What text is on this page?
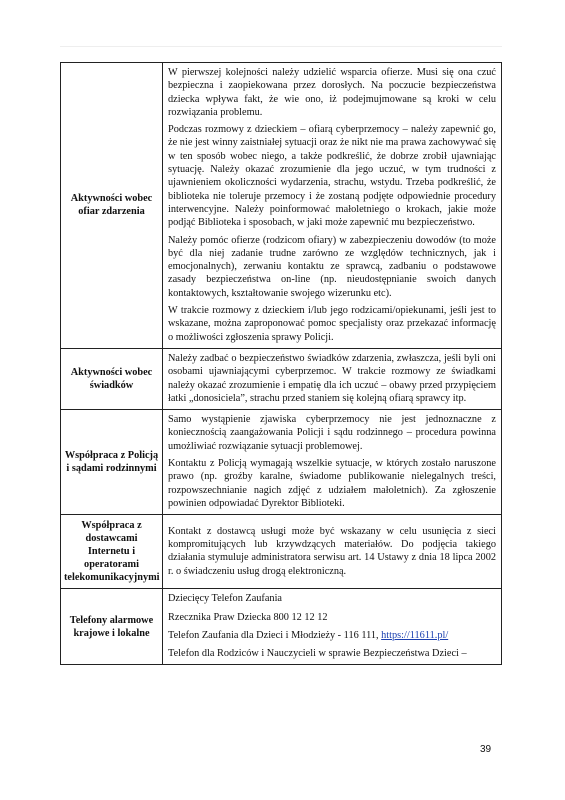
Aktywności wobec ofiar zdarzenia	W pierwszej kolejności należy udzielić wsparcia ofierze. Musi się ona czuć bezpieczna i zaopiekowana przez dorosłych. Na poczucie bezpieczeństwa dziecka wpływa fakt, że wie ono, iż podejmujmowane są kroki w celu rozwiązania problemu.

Podczas rozmowy z dzieckiem – ofiarą cyberprzemocy – należy zapewnić go, że nie jest winny zaistniałej sytuacji oraz że nikt nie ma prawa zachowywać się w ten sposób wobec niego, a także podkreślić, że dobrze zrobił ujawniając sytuację. Należy okazać zrozumienie dla jego uczuć, w tym trudności z ujawnieniem okoliczności wydarzenia, strachu, wstydu. Trzeba podkreślić, że biblioteka nie toleruje przemocy i że zostaną podjęte odpowiednie procedury interwencyjne. Należy poinformować małoletniego o krokach, jakie może podjąć Biblioteka i sposobach, w jaki może zapewnić mu bezpieczeństwo.

Należy pomóc ofierze (rodzicom ofiary) w zabezpieczeniu dowodów (to może być dla niej zadanie trudne zarówno ze względów technicznych, jak i emocjonalnych), zerwaniu kontaktu ze sprawcą, zadbaniu o podstawowe zasady bezpieczeństwa on-line (np. nieudostępnianie swoich danych kontaktowych, kształtowanie swojego wizerunku etc).

W trakcie rozmowy z dzieckiem i/lub jego rodzicami/opiekunami, jeśli jest to wskazane, można zaproponować pomoc specjalisty oraz przekazać informację o możliwości zgłoszenia sprawy Policji.

Aktywności wobec świadków	Należy zadbać o bezpieczeństwo świadków zdarzenia, zwłaszcza, jeśli byli oni osobami ujawniającymi cyberprzemoc. W trakcie rozmowy ze świadkami należy okazać zrozumienie i empatię dla ich uczuć – obawy przed przypięciem łatki „donosiciela”, strachu przed staniem się kolejną ofiarą sprawcy itp.

Współpraca z Policją i sądami rodzinnymi	Samo wystąpienie zjawiska cyberprzemocy nie jest jednoznaczne z koniecznością zaangażowania Policji i sądu rodzinnego – procedura powinna umożliwiać rozwiązanie sytuacji problemowej.

Kontaktu z Policją wymagają wszelkie sytuacje, w których zostało naruszone prawo (np. groźby karalne, świadome publikowanie nielegalnych treści, rozpowszechnianie nagich zdjęć z udziałem małoletnich). Za zgłoszenie powinien odpowiadać Dyrektor Biblioteki.

Współpraca z dostawcami Internetu i operatorami telekomunikacyjnymi	Kontakt z dostawcą usługi może być wskazany w celu usunięcia z sieci kompromitujących lub krzywdzących materiałów. Do podjęcia takiego działania stymuluje administratora serwisu art. 14 Ustawy z dnia 18 lipca 2002 r. o świadczeniu usług drogą elektroniczną.

Telefony alarmowe krajowe i lokalne	Dziecięcy Telefon Zaufania

Rzecznika Praw Dziecka 800 12 12 12

Telefon Zaufania dla Dzieci i Młodzieży - 116 111, https://11611.pl/

Telefon dla Rodziców i Nauczycieli w sprawie Bezpieczeństwa Dzieci –

39
